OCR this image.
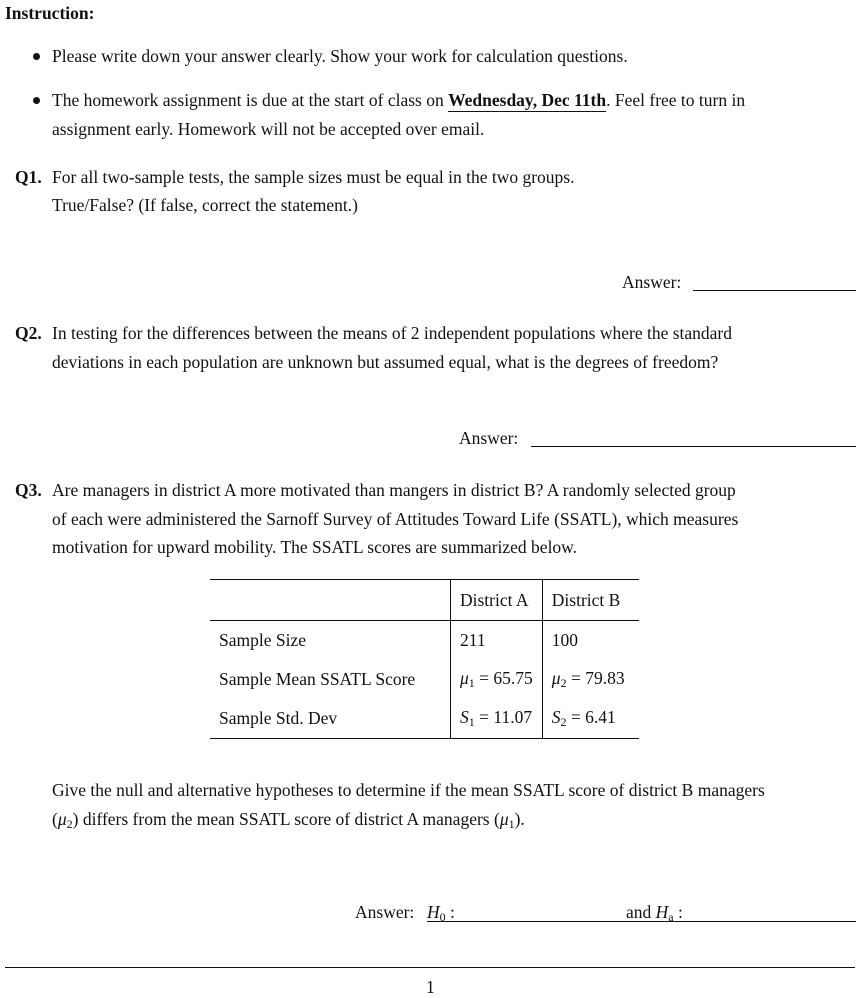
Instruction:
Please write down your answer clearly. Show your work for calculation questions.
The homework assignment is due at the start of class on Wednesday, Dec 11th. Feel free to turn in
assignment early. Homework will not be accepted over email.
Q1. For all two-sample tests, the sample sizes must be equal in the two groups.
True/False? (If false, correct the statement.)
Answer:
Q2. In testing for the differences between the means of 2 independent populations where the standard
deviations in each population are unknown but assumed equal, what is the degrees of freedom?
Answer:
Q3. Are managers in district A more motivated than mangers in district B? A randomly selected group
of each were administered the Sarnoff Survey of Attitudes Toward Life (SSATL), which measures
motivation for upward mobility. The SSATL scores are summarized below.
	District A	District B
Sample Size	211	100
Sample Mean SSATL Score	$\mu_1 = 65.75$	$\mu_2 = 79.83$
Sample Std. Dev	$S_1 = 11.07$	$S_2 = 6.41$
Give the null and alternative hypotheses to determine if the mean SSATL score of district B managers
$(\mu_2)$ differs from the mean SSATL score of district A managers $(\mu_1)$.
Answer: $H_0$ :	and $H_a$ :
1
